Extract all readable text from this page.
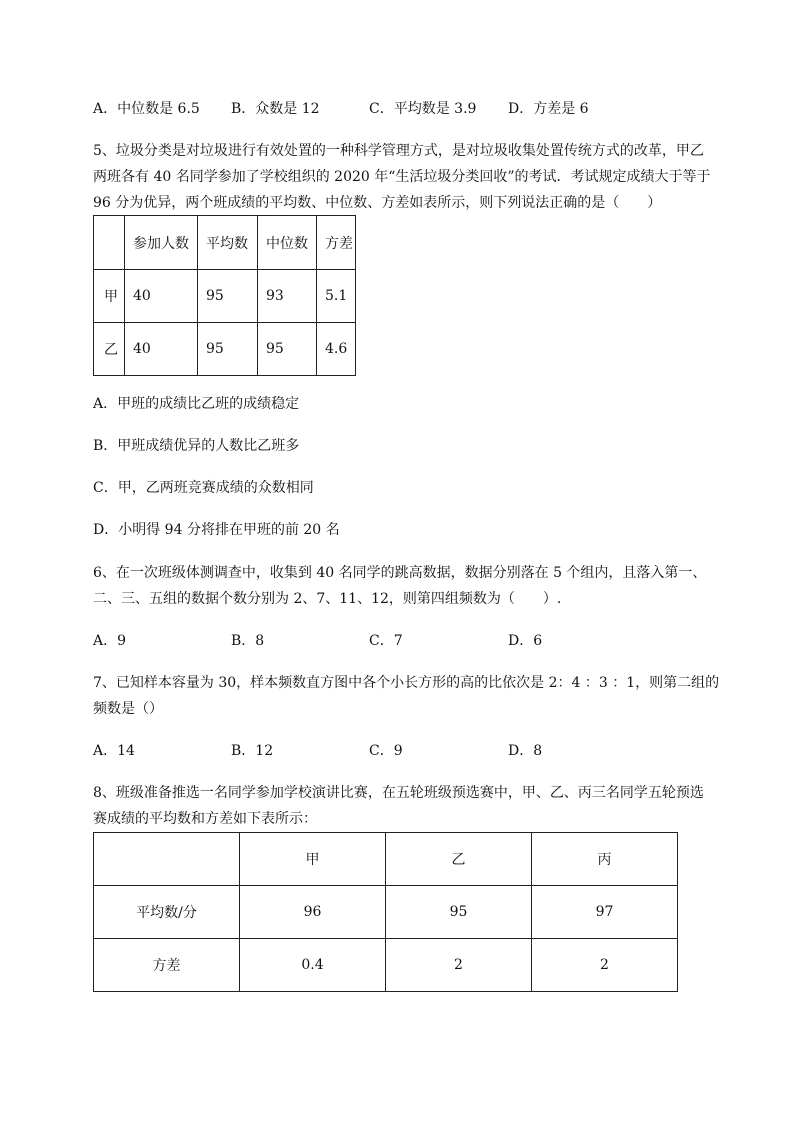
A．中位数是 6.5 B．众数是 12	C．平均数是 3.9 D．方差是 6
5、垃圾分类是对垃圾进行有效处置的一种科学管理方式，是对垃圾收集处置传统方式的改革，甲乙
两班各有 40 名同学参加了学校组织的 2020 年“生活垃圾分类回收”的考试．考试规定成绩大于等于
96 分为优异，两个班成绩的平均数、中位数、方差如表所示，则下列说法正确的是（　　）
	参加人数	平均数	中位数	方差
甲	40	95	93	5.1
乙	40	95	95	4.6
A．甲班的成绩比乙班的成绩稳定
B．甲班成绩优异的人数比乙班多
C．甲，乙两班竞赛成绩的众数相同
D．小明得 94 分将排在甲班的前 20 名
6、在一次班级体测调查中，收集到 40 名同学的跳高数据，数据分别落在 5 个组内，且落入第一、
二、三、五组的数据个数分别为 2、7、11、12，则第四组频数为（　　）.
A．9	B．8	C．7	D．6
7、已知样本容量为 30，样本频数直方图中各个小长方形的高的比依次是 2：4 ：3 ：1，则第二组的
频数是（）
A．14	B．12	C．9	D．8
8、班级准备推选一名同学参加学校演讲比赛，在五轮班级预选赛中，甲、乙、丙三名同学五轮预选
赛成绩的平均数和方差如下表所示：
	甲	乙	丙
平均数/分	96	95	97
方差	0.4	2	2
